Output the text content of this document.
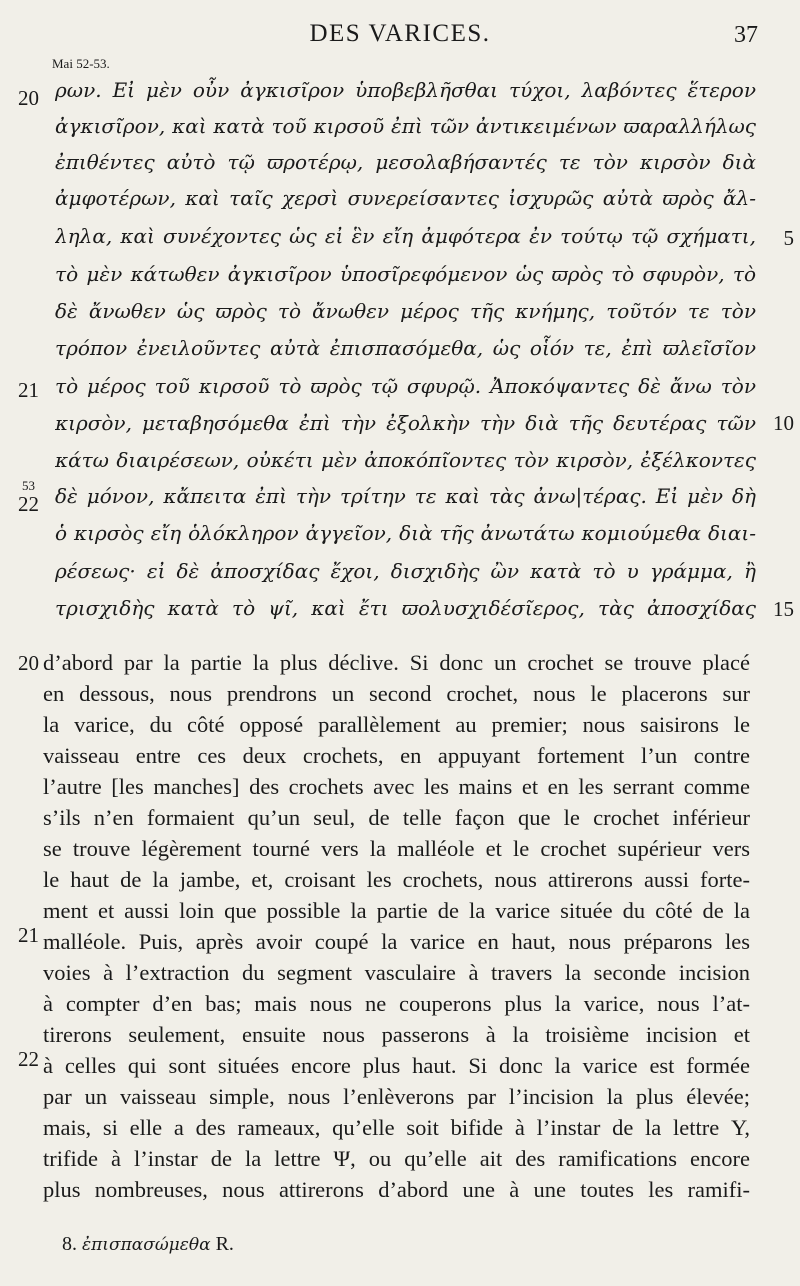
DES VARICES.	37
Mai 52-53.
ρων. Εἰ μὲν οὖν ἀγκισῖρον ὑποβεβλῆσθαι τύχοι, λαβόντες ἕτερον
ἀγκισῖρον, καὶ κατὰ τοῦ κιρσοῦ ἐπὶ τῶν ἀντικειμένων ϖαραλλήλως
ἐπιθέντες αὐτὸ τῷ ϖροτέρῳ, μεσολαβήσαντές τε τὸν κιρσὸν διὰ
ἀμφοτέρων, καὶ ταῖς χερσὶ συνερείσαντες ἰσχυρῶς αὐτὰ ϖρὸς ἄλ-
ληλα, καὶ συνέχοντες ὡς εἰ ἓν εἴη ἀμφότερα ἐν τούτῳ τῷ σχήματι,
τὸ μὲν κάτωθεν ἀγκισῖρον ὑποσῖρεφόμενον ὡς ϖρὸς τὸ σφυρὸν, τὸ
δὲ ἄνωθεν ὡς ϖρὸς τὸ ἄνωθεν μέρος τῆς κνήμης, τοῦτόν τε τὸν
τρόπον ἐνειλοῦντες αὐτὰ ἐπισπασόμεθα, ὡς οἷόν τε, ἐπὶ ϖλεῖσῖον
τὸ μέρος τοῦ κιρσοῦ τὸ ϖρὸς τῷ σφυρῷ. Ἀποκόψαντες δὲ ἄνω τὸν
κιρσὸν, μεταβησόμεθα ἐπὶ τὴν ἐξολκὴν τὴν διὰ τῆς δευτέρας τῶν
κάτω διαιρέσεων, οὐκέτι μὲν ἀποκόπῖοντες τὸν κιρσὸν, ἐξέλκοντες
δὲ μόνον, κἄπειτα ἐπὶ τὴν τρίτην τε καὶ τὰς ἀνω|τέρας. Εἰ μὲν δὴ
ὁ κιρσὸς εἴη ὁλόκληρον ἀγγεῖον, διὰ τῆς ἀνωτάτω κομιούμεθα διαι-
ρέσεως· εἰ δὲ ἀποσχίδας ἔχοι, δισχιδὴς ὢν κατὰ τὸ υ γράμμα, ἢ
τρισχιδὴς κατὰ τὸ ψῖ, καὶ ἔτι ϖολυσχιδέσῖερος, τὰς ἀποσχίδας
20
21
53
22
5
10
15
d’abord par la partie la plus déclive. Si donc un crochet se trouve placé
en dessous, nous prendrons un second crochet, nous le placerons sur
la varice, du côté opposé parallèlement au premier; nous saisirons le
vaisseau entre ces deux crochets, en appuyant fortement l’un contre
l’autre [les manches] des crochets avec les mains et en les serrant comme
s’ils n’en formaient qu’un seul, de telle façon que le crochet inférieur
se trouve légèrement tourné vers la malléole et le crochet supérieur vers
le haut de la jambe, et, croisant les crochets, nous attirerons aussi forte-
ment et aussi loin que possible la partie de la varice située du côté de la
malléole. Puis, après avoir coupé la varice en haut, nous préparons les
voies à l’extraction du segment vasculaire à travers la seconde incision
à compter d’en bas; mais nous ne couperons plus la varice, nous l’at-
tirerons seulement, ensuite nous passerons à la troisième incision et
à celles qui sont situées encore plus haut. Si donc la varice est formée
par un vaisseau simple, nous l’enlèverons par l’incision la plus élevée;
mais, si elle a des rameaux, qu’elle soit bifide à l’instar de la lettre Υ,
trifide à l’instar de la lettre Ψ, ou qu’elle ait des ramifications encore
plus nombreuses, nous attirerons d’abord une à une toutes les ramifi-
20
21
22
8. ἐπισπασώμεθα R.
